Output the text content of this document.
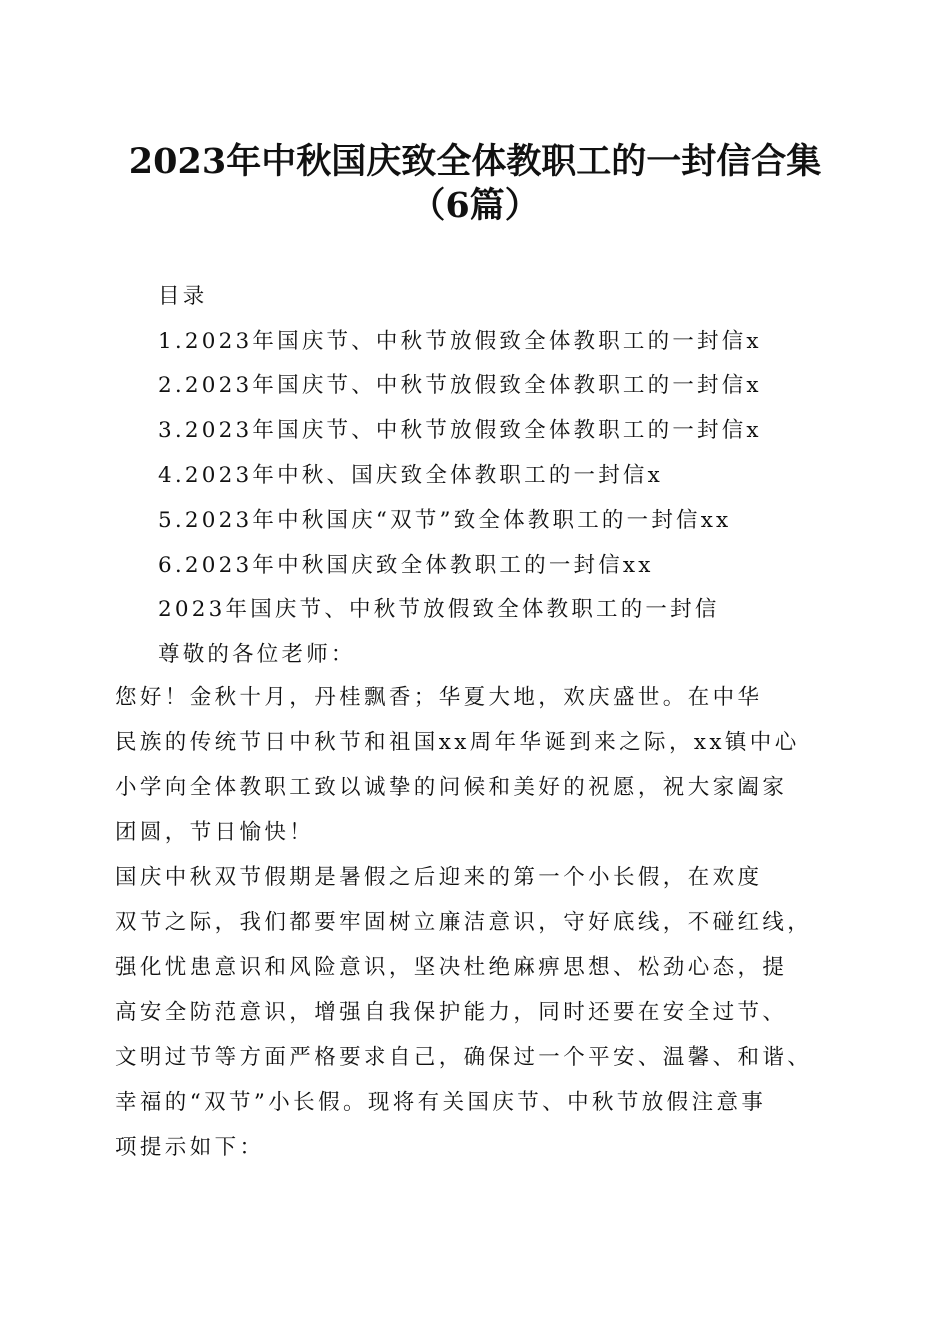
2023年中秋国庆致全体教职工的一封信合集
（6篇）
目录
1.2023年国庆节、中秋节放假致全体教职工的一封信x
2.2023年国庆节、中秋节放假致全体教职工的一封信x
3.2023年国庆节、中秋节放假致全体教职工的一封信x
4.2023年中秋、国庆致全体教职工的一封信x
5.2023年中秋国庆“双节”致全体教职工的一封信xx
6.2023年中秋国庆致全体教职工的一封信xx
2023年国庆节、中秋节放假致全体教职工的一封信
尊敬的各位老师：
您好！金秋十月，丹桂飘香；华夏大地，欢庆盛世。在中华
民族的传统节日中秋节和祖国xx周年华诞到来之际，xx镇中心
小学向全体教职工致以诚挚的问候和美好的祝愿，祝大家阖家
团圆，节日愉快！
国庆中秋双节假期是暑假之后迎来的第一个小长假，在欢度
双节之际，我们都要牢固树立廉洁意识，守好底线，不碰红线，
强化忧患意识和风险意识，坚决杜绝麻痹思想、松劲心态，提
高安全防范意识，增强自我保护能力，同时还要在安全过节、
文明过节等方面严格要求自己，确保过一个平安、温馨、和谐、
幸福的“双节”小长假。现将有关国庆节、中秋节放假注意事
项提示如下：
